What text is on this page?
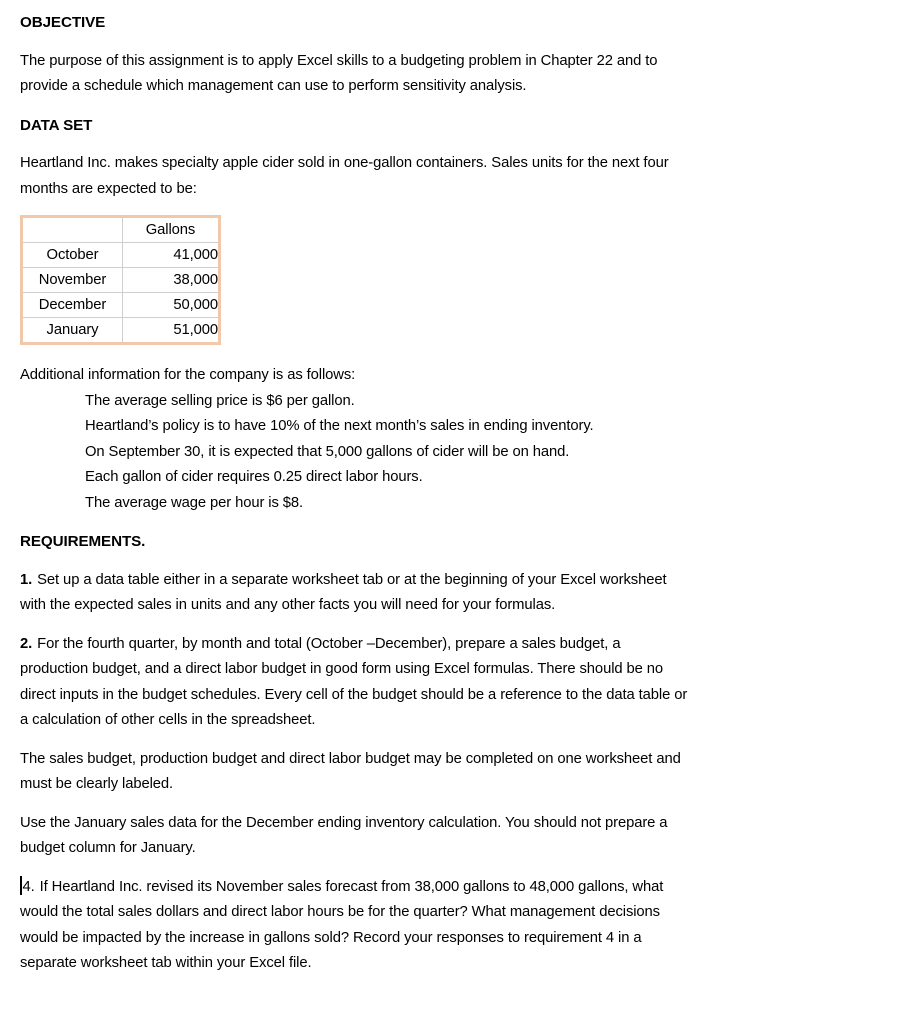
OBJECTIVE
The purpose of this assignment is to apply Excel skills to a budgeting problem in Chapter 22 and to
provide a schedule which management can use to perform sensitivity analysis.
DATA SET
Heartland Inc. makes specialty apple cider sold in one-gallon containers. Sales units for the next four
months are expected to be:
	Gallons
October	41,000
November	38,000
December	50,000
January	51,000
Additional information for the company is as follows:
The average selling price is $6 per gallon.
Heartland’s policy is to have 10% of the next month’s sales in ending inventory.
On September 30, it is expected that 5,000 gallons of cider will be on hand.
Each gallon of cider requires 0.25 direct labor hours.
The average wage per hour is $8.
REQUIREMENTS.
1. Set up a data table either in a separate worksheet tab or at the beginning of your Excel worksheet
with the expected sales in units and any other facts you will need for your formulas.
2. For the fourth quarter, by month and total (October –December), prepare a sales budget, a
production budget, and a direct labor budget in good form using Excel formulas. There should be no
direct inputs in the budget schedules. Every cell of the budget should be a reference to the data table or
a calculation of other cells in the spreadsheet.
The sales budget, production budget and direct labor budget may be completed on one worksheet and
must be clearly labeled.
Use the January sales data for the December ending inventory calculation. You should not prepare a
budget column for January.
4. If Heartland Inc. revised its November sales forecast from 38,000 gallons to 48,000 gallons, what
would the total sales dollars and direct labor hours be for the quarter? What management decisions
would be impacted by the increase in gallons sold? Record your responses to requirement 4 in a
separate worksheet tab within your Excel file.
